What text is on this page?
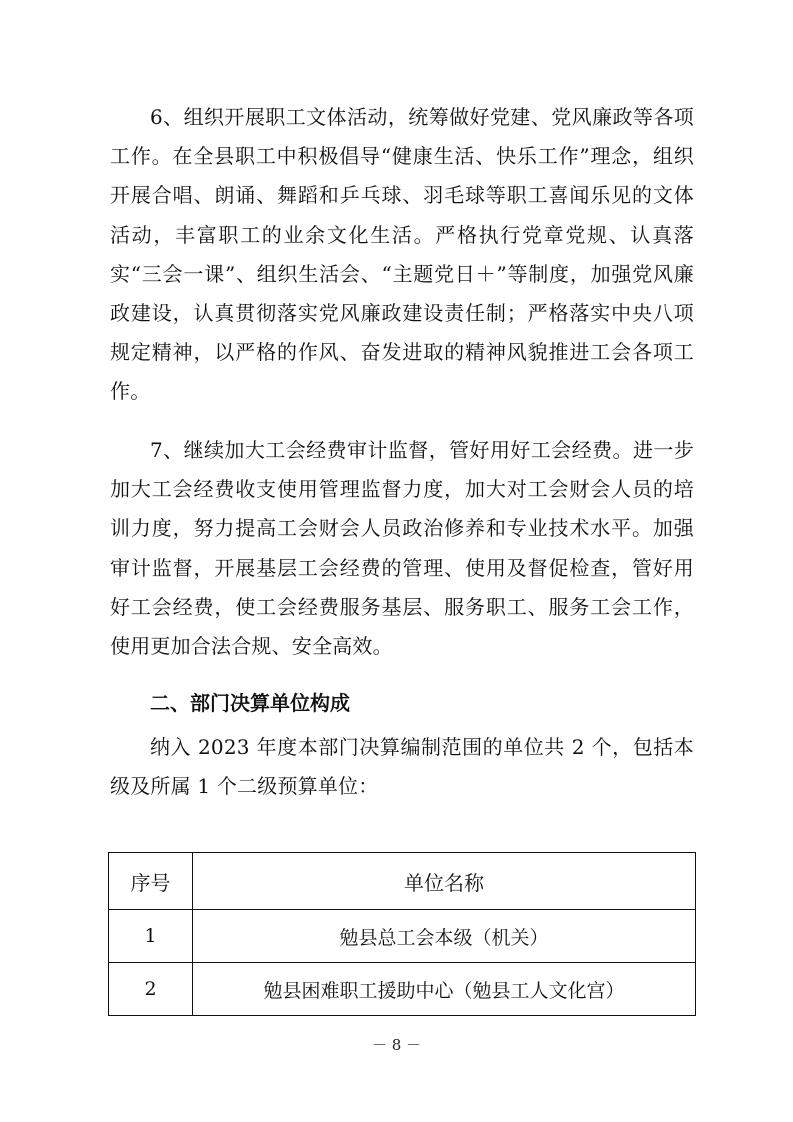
6、组织开展职工文体活动，统筹做好党建、党风廉政等各项工作。在全县职工中积极倡导“健康生活、快乐工作”理念，组织开展合唱、朗诵、舞蹈和乒乓球、羽毛球等职工喜闻乐见的文体活动，丰富职工的业余文化生活。严格执行党章党规、认真落实“三会一课”、组织生活会、“主题党日＋”等制度，加强党风廉政建设，认真贯彻落实党风廉政建设责任制；严格落实中央八项规定精神，以严格的作风、奋发进取的精神风貌推进工会各项工作。

7、继续加大工会经费审计监督，管好用好工会经费。进一步加大工会经费收支使用管理监督力度，加大对工会财会人员的培训力度，努力提高工会财会人员政治修养和专业技术水平。加强审计监督，开展基层工会经费的管理、使用及督促检查，管好用好工会经费，使工会经费服务基层、服务职工、服务工会工作，使用更加合法合规、安全高效。

二、部门决算单位构成

纳入 2023 年度本部门决算编制范围的单位共 2 个，包括本级及所属 1 个二级预算单位：

序号	单位名称
1	勉县总工会本级（机关）
2	勉县困难职工援助中心（勉县工人文化宫）
－ 8 －
